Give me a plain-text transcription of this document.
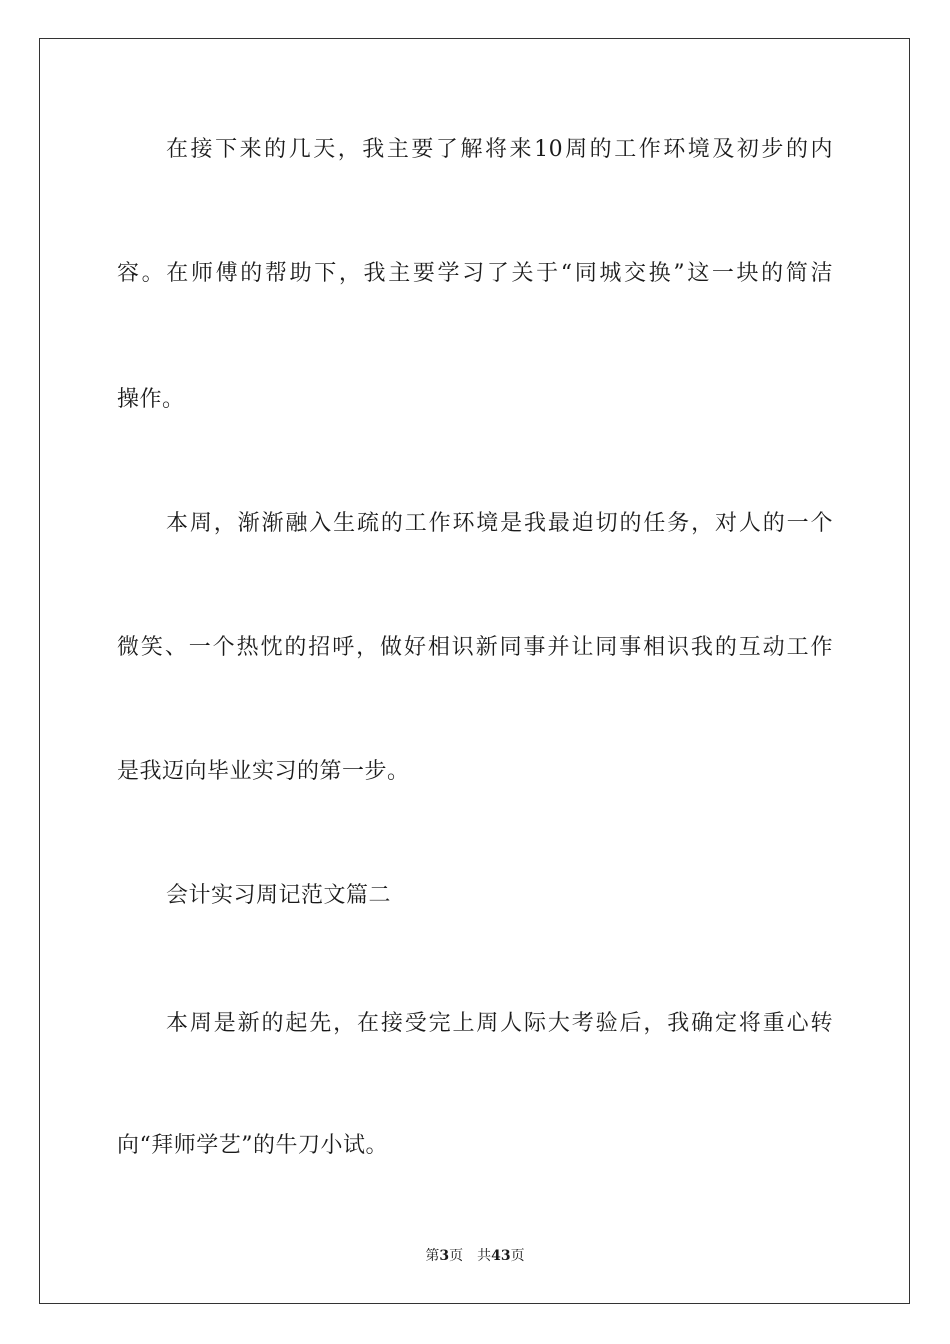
在接下来的几天，我主要了解将来10周的工作环境及初步的内
容。在师傅的帮助下，我主要学习了关于“同城交换”这一块的简洁
操作。
本周，渐渐融入生疏的工作环境是我最迫切的任务，对人的一个
微笑、一个热忱的招呼，做好相识新同事并让同事相识我的互动工作
是我迈向毕业实习的第一步。
会计实习周记范文篇二
本周是新的起先，在接受完上周人际大考验后，我确定将重心转
向“拜师学艺”的牛刀小试。
第3页 共43页
